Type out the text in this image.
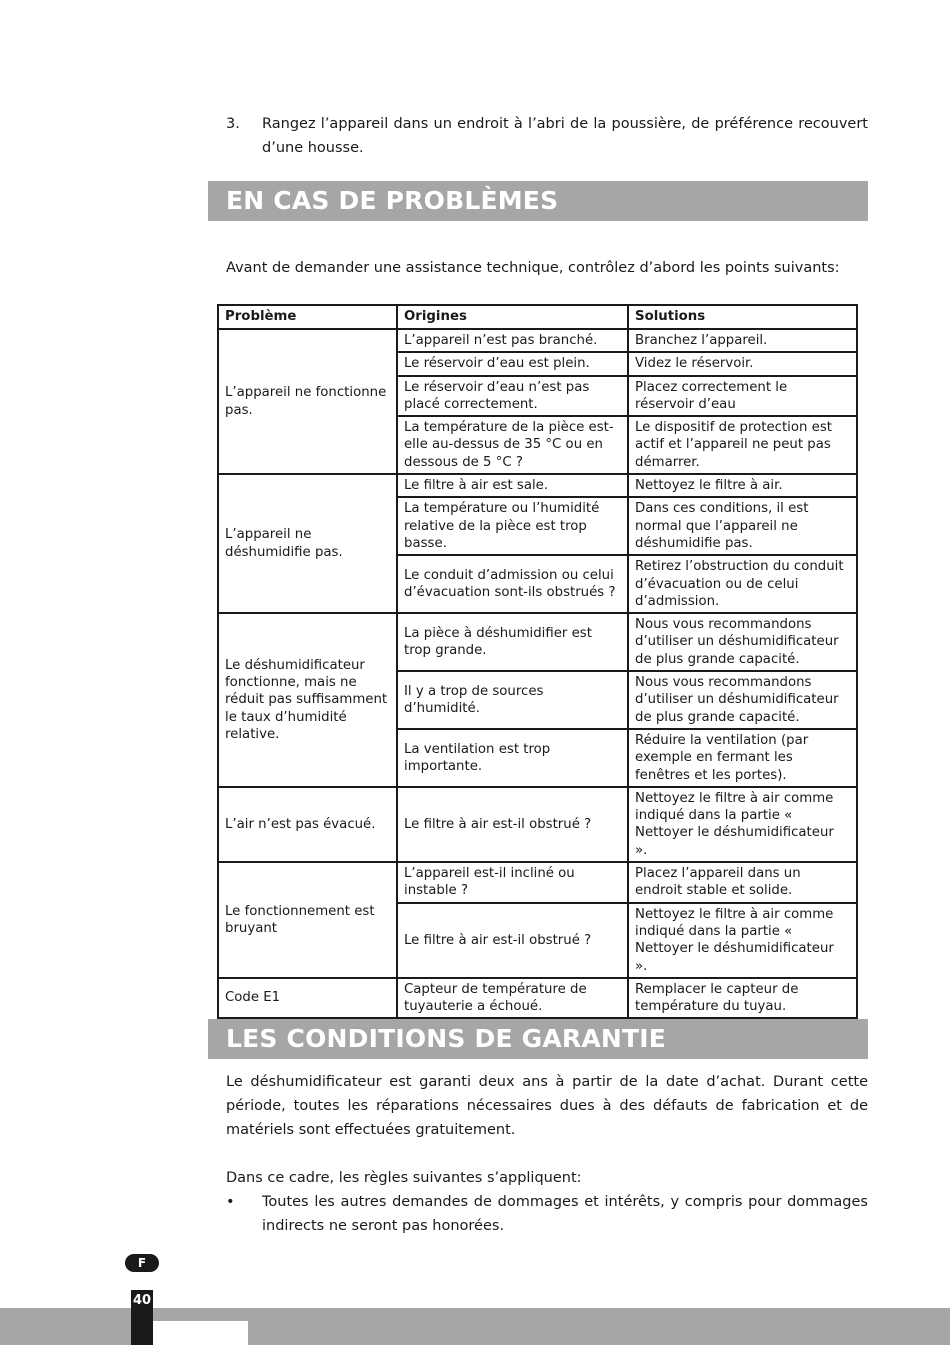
3. Rangez l’appareil dans un endroit à l’abri de la poussière, de préférence recouvert
d’une housse.
EN CAS DE PROBLÈMES
Avant de demander une assistance technique, contrôlez d’abord les points suivants:
Problème	Origines	Solutions
L’appareil ne fonctionne pas.	L’appareil n’est pas branché.	Branchez l’appareil.
	Le réservoir d’eau est plein.	Videz le réservoir.
	Le réservoir d’eau n’est pas placé correctement.	Placez correctement le réservoir d’eau
	La température de la pièce est-elle au-dessus de 35 °C ou en dessous de 5 °C ?	Le dispositif de protection est actif et l’appareil ne peut pas démarrer.
L’appareil ne déshumidifie pas.	Le filtre à air est sale.	Nettoyez le filtre à air.
	La température ou l’humidité relative de la pièce est trop basse.	Dans ces conditions, il est normal que l’appareil ne déshumidifie pas.
	Le conduit d’admission ou celui d’évacuation sont-ils obstrués ?	Retirez l’obstruction du conduit d’évacuation ou de celui d’admission.
Le déshumidificateur fonctionne, mais ne réduit pas suffisamment le taux d’humidité relative.	La pièce à déshumidifier est trop grande.	Nous vous recommandons d’utiliser un déshumidificateur de plus grande capacité.
	Il y a trop de sources d’humidité.	Nous vous recommandons d’utiliser un déshumidificateur de plus grande capacité.
	La ventilation est trop importante.	Réduire la ventilation (par exemple en fermant les fenêtres et les portes).
L’air n’est pas évacué.	Le filtre à air est-il obstrué ?	Nettoyez le filtre à air comme indiqué dans la partie « Nettoyer le déshumidificateur ».
Le fonctionnement est bruyant	L’appareil est-il incliné ou instable ?	Placez l’appareil dans un endroit stable et solide.
	Le filtre à air est-il obstrué ?	Nettoyez le filtre à air comme indiqué dans la partie « Nettoyer le déshumidificateur ».
Code E1	Capteur de température de tuyauterie a échoué.	Remplacer le capteur de température du tuyau.
LES CONDITIONS DE GARANTIE
Le déshumidificateur est garanti deux ans à partir de la date d’achat. Durant cette période, toutes les réparations nécessaires dues à des défauts de fabrication et de matériels sont effectuées gratuitement.
Dans ce cadre, les règles suivantes s’appliquent:
• Toutes les autres demandes de dommages et intérêts, y compris pour dommages indirects ne seront pas honorées.
F
40
